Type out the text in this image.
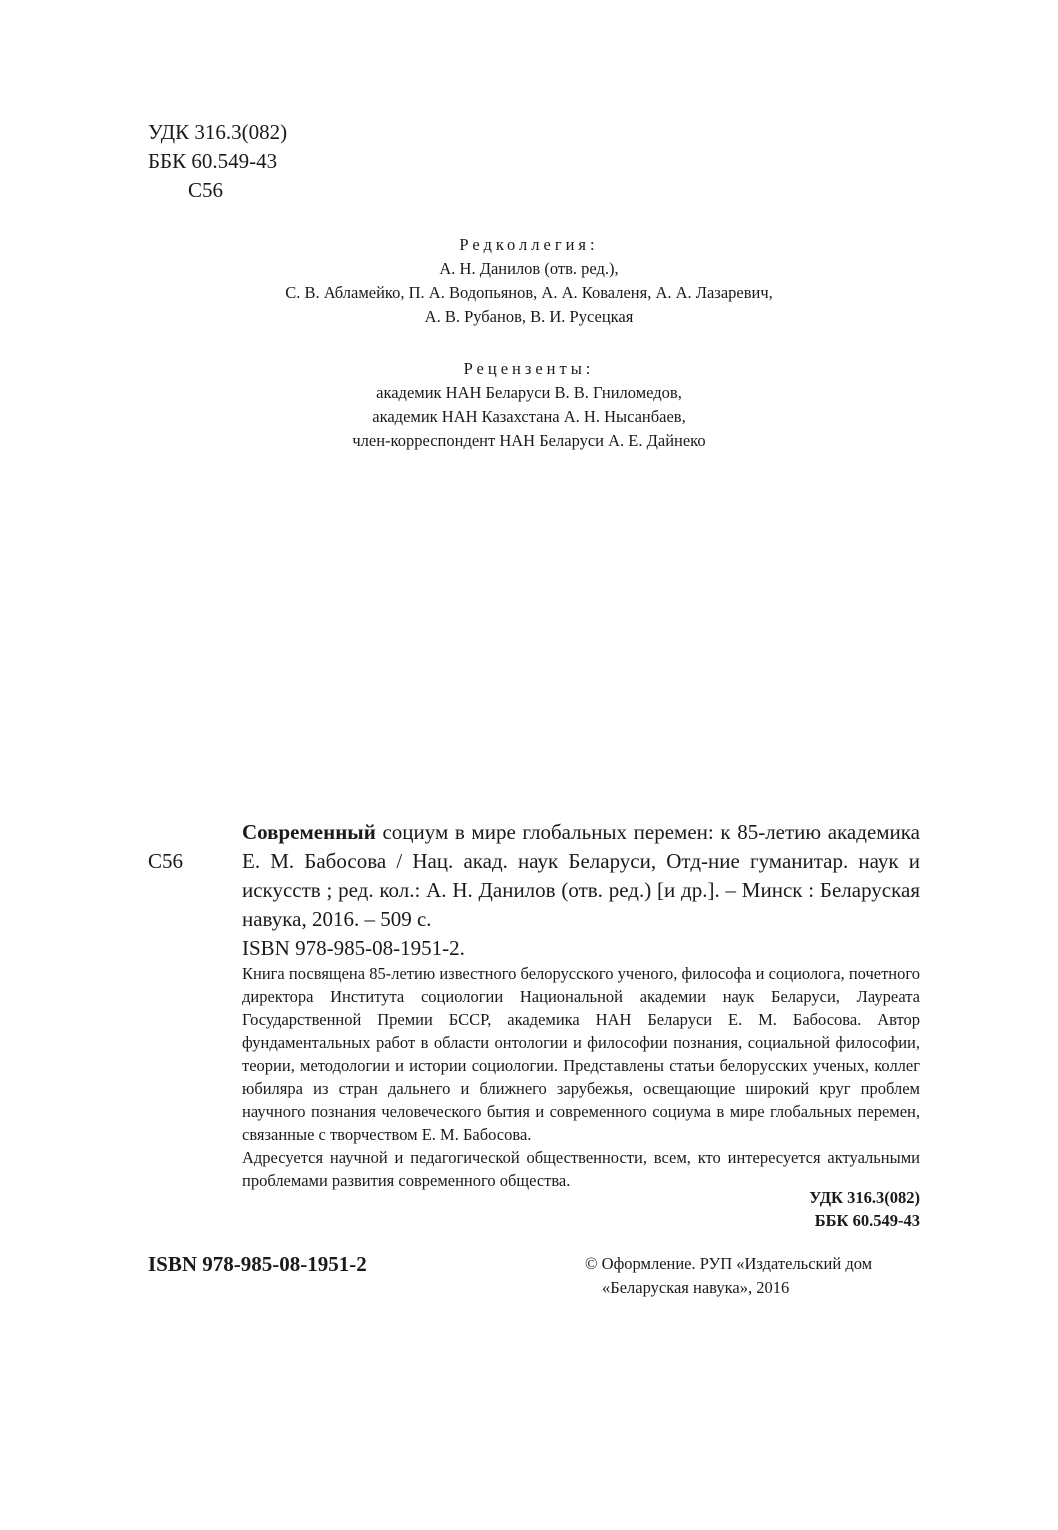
УДК 316.3(082)
ББК 60.549-43
С56
Редколлегия:
А. Н. Данилов (отв. ред.),
С. В. Абламейко, П. А. Водопьянов, А. А. Коваленя, А. А. Лазаревич,
А. В. Рубанов, В. И. Русецкая
Рецензенты:
академик НАН Беларуси В. В. Гниломедов,
академик НАН Казахстана А. Н. Нысанбаев,
член-корреспондент НАН Беларуси А. Е. Дайнеко
С56

Современный социум в мире глобальных перемен: к 85-летию академика Е. М. Бабосова / Нац. акад. наук Беларуси, Отд-ние гуманитар. наук и искусств ; ред. кол.: А. Н. Данилов (отв. ред.) [и др.]. – Минск : Беларуская навука, 2016. – 509 с.

ISBN 978-985-08-1951-2.

Книга посвящена 85-летию известного белорусского ученого, философа и социолога, почетного директора Института социологии Национальной академии наук Беларуси, Лауреата Государственной Премии БССР, академика НАН Беларуси Е. М. Бабосова. Автор фундаментальных работ в области онтологии и философии познания, социальной философии, теории, методологии и истории социологии. Представлены статьи белорусских ученых, коллег юбиляра из стран дальнего и ближнего зарубежья, освещающие широкий круг проблем научного познания человеческого бытия и современного социума в мире глобальных перемен, связанные с творчеством Е. М. Бабосова.

Адресуется научной и педагогической общественности, всем, кто интересуется актуальными проблемами развития современного общества.

УДК 316.3(082)
ББК 60.549-43
ISBN 978-985-08-1951-2	© Оформление. РУП «Издательский дом
«Беларуская навука», 2016
